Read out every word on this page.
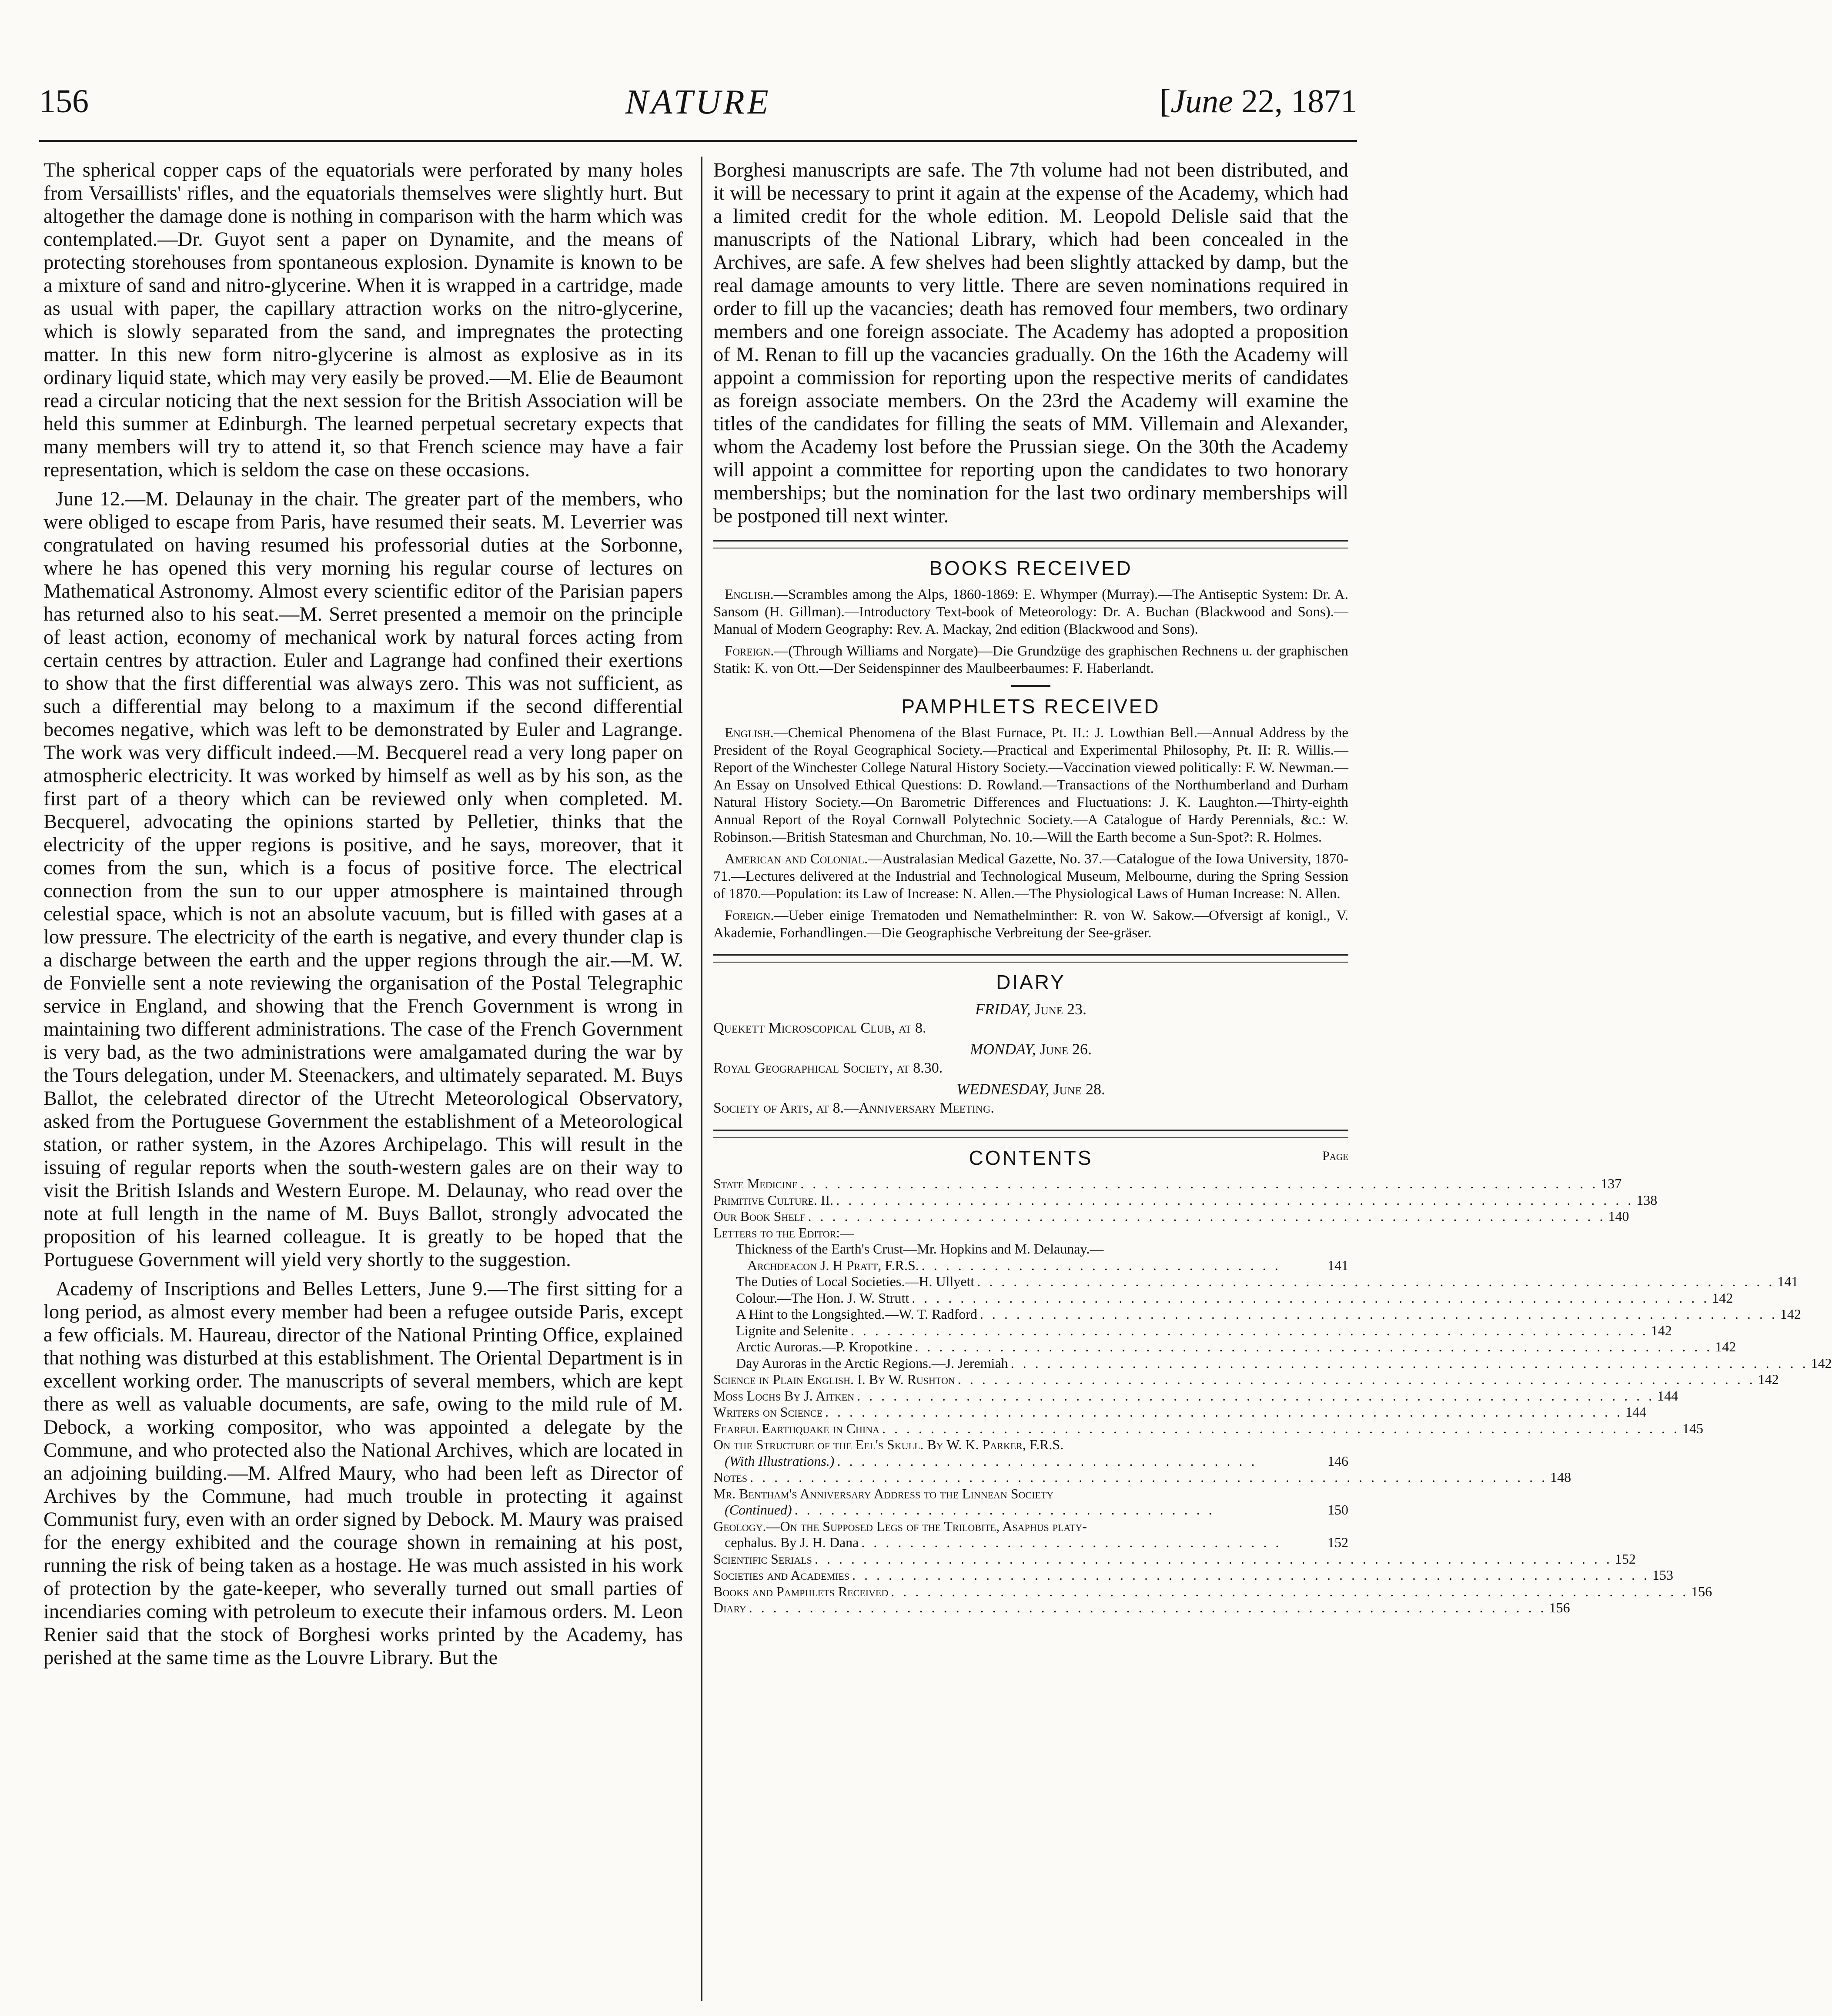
156	NATURE	[June 22, 1871

The spherical copper caps of the equatorials were perforated by many holes from Versaillists' rifles, and the equatorials themselves were slightly hurt. But altogether the damage done is nothing in comparison with the harm which was contemplated.—Dr. Guyot sent a paper on Dynamite, and the means of protecting storehouses from spontaneous explosion. Dynamite is known to be a mixture of sand and nitro-glycerine. When it is wrapped in a cartridge, made as usual with paper, the capillary attraction works on the nitro-glycerine, which is slowly separated from the sand, and impregnates the protecting matter. In this new form nitro-glycerine is almost as explosive as in its ordinary liquid state, which may very easily be proved.—M. Elie de Beaumont read a circular noticing that the next session for the British Association will be held this summer at Edinburgh. The learned perpetual secretary expects that many members will try to attend it, so that French science may have a fair representation, which is seldom the case on these occasions.

June 12.—M. Delaunay in the chair. The greater part of the members, who were obliged to escape from Paris, have resumed their seats. M. Leverrier was congratulated on having resumed his professorial duties at the Sorbonne, where he has opened this very morning his regular course of lectures on Mathematical Astronomy. Almost every scientific editor of the Parisian papers has returned also to his seat.—M. Serret presented a memoir on the principle of least action, economy of mechanical work by natural forces acting from certain centres by attraction. Euler and Lagrange had confined their exertions to show that the first differential was always zero. This was not sufficient, as such a differential may belong to a maximum if the second differential becomes negative, which was left to be demonstrated by Euler and Lagrange. The work was very difficult indeed.—M. Becquerel read a very long paper on atmospheric electricity. It was worked by himself as well as by his son, as the first part of a theory which can be reviewed only when completed. M. Becquerel, advocating the opinions started by Pelletier, thinks that the electricity of the upper regions is positive, and he says, moreover, that it comes from the sun, which is a focus of positive force. The electrical connection from the sun to our upper atmosphere is maintained through celestial space, which is not an absolute vacuum, but is filled with gases at a low pressure. The electricity of the earth is negative, and every thunder clap is a discharge between the earth and the upper regions through the air.—M. W. de Fonvielle sent a note reviewing the organisation of the Postal Telegraphic service in England, and showing that the French Government is wrong in maintaining two different administrations. The case of the French Government is very bad, as the two administrations were amalgamated during the war by the Tours delegation, under M. Steenackers, and ultimately separated. M. Buys Ballot, the celebrated director of the Utrecht Meteorological Observatory, asked from the Portuguese Government the establishment of a Meteorological station, or rather system, in the Azores Archipelago. This will result in the issuing of regular reports when the south-western gales are on their way to visit the British Islands and Western Europe. M. Delaunay, who read over the note at full length in the name of M. Buys Ballot, strongly advocated the proposition of his learned colleague. It is greatly to be hoped that the Portuguese Government will yield very shortly to the suggestion.

Academy of Inscriptions and Belles Letters, June 9.—The first sitting for a long period, as almost every member had been a refugee outside Paris, except a few officials. M. Haureau, director of the National Printing Office, explained that nothing was disturbed at this establishment. The Oriental Department is in excellent working order. The manuscripts of several members, which are kept there as well as valuable documents, are safe, owing to the mild rule of M. Debock, a working compositor, who was appointed a delegate by the Commune, and who protected also the National Archives, which are located in an adjoining building.—M. Alfred Maury, who had been left as Director of Archives by the Commune, had much trouble in protecting it against Communist fury, even with an order signed by Debock. M. Maury was praised for the energy exhibited and the courage shown in remaining at his post, running the risk of being taken as a hostage. He was much assisted in his work of protection by the gate-keeper, who severally turned out small parties of incendiaries coming with petroleum to execute their infamous orders. M. Leon Renier said that the stock of Borghesi works printed by the Academy, has perished at the same time as the Louvre Library. But the

Borghesi manuscripts are safe. The 7th volume had not been distributed, and it will be necessary to print it again at the expense of the Academy, which had a limited credit for the whole edition. M. Leopold Delisle said that the manuscripts of the National Library, which had been concealed in the Archives, are safe. A few shelves had been slightly attacked by damp, but the real damage amounts to very little. There are seven nominations required in order to fill up the vacancies; death has removed four members, two ordinary members and one foreign associate. The Academy has adopted a proposition of M. Renan to fill up the vacancies gradually. On the 16th the Academy will appoint a commission for reporting upon the respective merits of candidates as foreign associate members. On the 23rd the Academy will examine the titles of the candidates for filling the seats of MM. Villemain and Alexander, whom the Academy lost before the Prussian siege. On the 30th the Academy will appoint a committee for reporting upon the candidates to two honorary memberships; but the nomination for the last two ordinary memberships will be postponed till next winter.

BOOKS RECEIVED

English.—Scrambles among the Alps, 1860-1869: E. Whymper (Murray).—The Antiseptic System: Dr. A. Sansom (H. Gillman).—Introductory Text-book of Meteorology: Dr. A. Buchan (Blackwood and Sons).—Manual of Modern Geography: Rev. A. Mackay, 2nd edition (Blackwood and Sons).

Foreign.—(Through Williams and Norgate)—Die Grundzüge des graphischen Rechnens u. der graphischen Statik: K. von Ott.—Der Seidenspinner des Maulbeerbaumes: F. Haberlandt.

PAMPHLETS RECEIVED

English.—Chemical Phenomena of the Blast Furnace, Pt. II.: J. Lowthian Bell.—Annual Address by the President of the Royal Geographical Society.—Practical and Experimental Philosophy, Pt. II: R. Willis.—Report of the Winchester College Natural History Society.—Vaccination viewed politically: F. W. Newman.—An Essay on Unsolved Ethical Questions: D. Rowland.—Transactions of the Northumberland and Durham Natural History Society.—On Barometric Differences and Fluctuations: J. K. Laughton.—Thirty-eighth Annual Report of the Royal Cornwall Polytechnic Society.—A Catalogue of Hardy Perennials, &c.: W. Robinson.—British Statesman and Churchman, No. 10.—Will the Earth become a Sun-Spot?: R. Holmes.

American and Colonial.—Australasian Medical Gazette, No. 37.—Catalogue of the Iowa University, 1870-71.—Lectures delivered at the Industrial and Technological Museum, Melbourne, during the Spring Session of 1870.—Population: its Law of Increase: N. Allen.—The Physiological Laws of Human Increase: N. Allen.

Foreign.—Ueber einige Trematoden und Nemathelminther: R. von W. Sakow.—Ofversigt af konigl., V. Akademie, Forhandlingen.—Die Geographische Verbreitung der See-gräser.

DIARY
FRIDAY, June 23.
Quekett Microscopical Club, at 8.
MONDAY, June 26.
Royal Geographical Society, at 8.30.
WEDNESDAY, June 28.
Society of Arts, at 8.—Anniversary Meeting.
CONTENTS	Page
State Medicine . . .	137
Primitive Culture. II. . . .	138
Our Book Shelf . . .	140
Letters to the Editor:—
Thickness of the Earth's Crust—Mr. Hopkins and M. Delaunay.—
Archdeacon J. H Pratt, F.R.S. . . . . . . . . . . . . . . . . . . . . . . . . . . . . . .	141
The Duties of Local Societies.—H. Ullyett . . .	141
Colour.—The Hon. J. W. Strutt . . .	142
A Hint to the Longsighted.—W. T. Radford . . .	142
Lignite and Selenite . . .	142
Arctic Auroras.—P. Kropotkine . . .	142
Day Auroras in the Arctic Regions.—J. Jeremiah . . .	142
Science in Plain English. I. By W. Rushton . . .	142
Moss Lochs By J. Aitken . . .	144
Writers on Science . . .	144
Fearful Earthquake in China . . .	145
On the Structure of the Eel's Skull. By W. K. Parker, F.R.S.
(With Illustrations.) . . . . . . . . . . . . . . . . . . . . . . . . . . . . . . . . . . .	146
Notes . . .	148
Mr. Bentham's Anniversary Address to the Linnean Society
(Continued) . . . . . . . . . . . . . . . . . . . . . . . . . . . . . . . . . . .	150
Geology.—On the Supposed Legs of the Trilobite, Asaphus platy-
cephalus. By J. H. Dana . . . . . . . . . . . . . . . . . . . . . . . . . . . . . . . . . . .	152
Scientific Serials . . .	152
Societies and Academies . . .	153
Books and Pamphlets Received . . .	156
Diary . . .	156
